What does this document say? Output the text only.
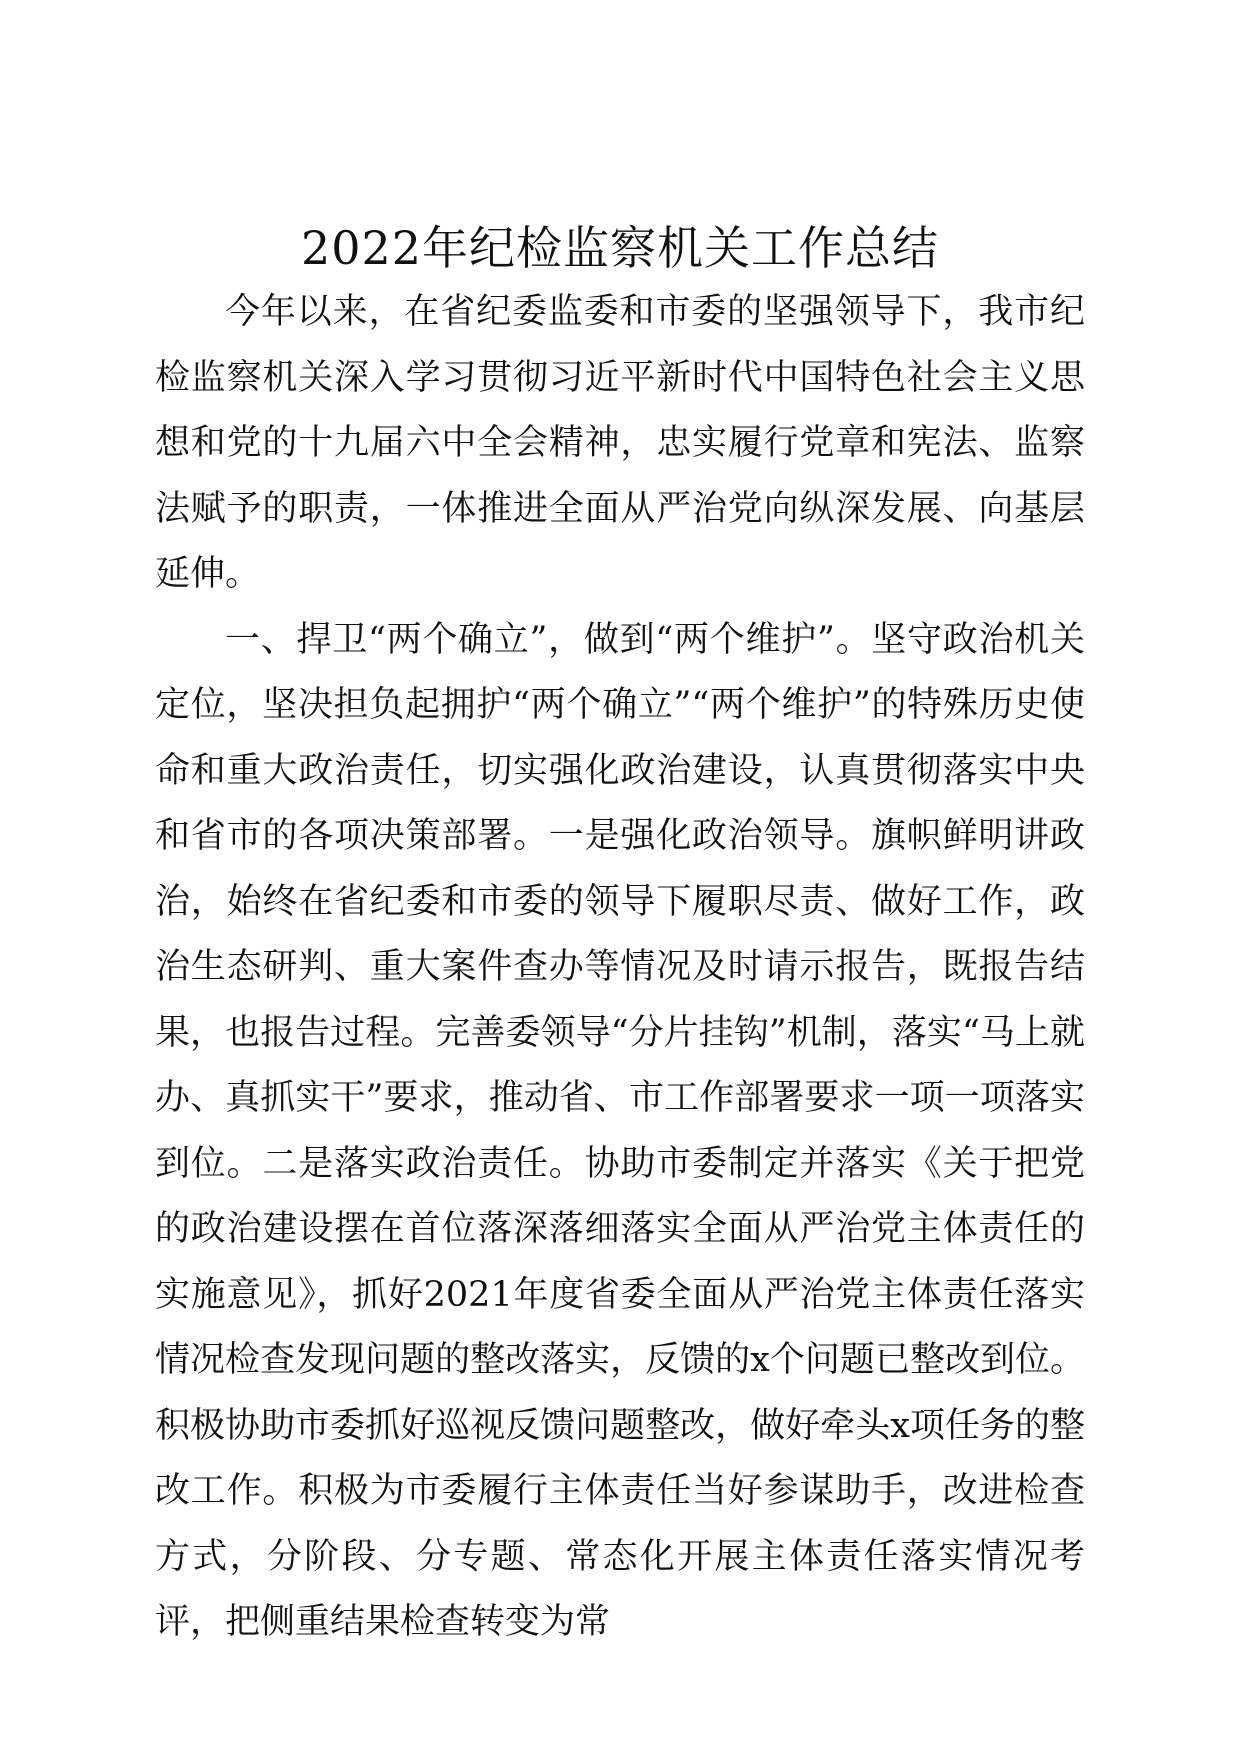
2022年纪检监察机关工作总结

今年以来，在省纪委监委和市委的坚强领导下，我市纪检监察机关深入学习贯彻习近平新时代中国特色社会主义思想和党的十九届六中全会精神，忠实履行党章和宪法、监察法赋予的职责，一体推进全面从严治党向纵深发展、向基层延伸。

一、捍卫“两个确立”，做到“两个维护”。坚守政治机关定位，坚决担负起拥护“两个确立”“两个维护”的特殊历史使命和重大政治责任，切实强化政治建设，认真贯彻落实中央和省市的各项决策部署。一是强化政治领导。旗帜鲜明讲政治，始终在省纪委和市委的领导下履职尽责、做好工作，政治生态研判、重大案件查办等情况及时请示报告，既报告结果，也报告过程。完善委领导“分片挂钩”机制，落实“马上就办、真抓实干”要求，推动省、市工作部署要求一项一项落实到位。二是落实政治责任。协助市委制定并落实《关于把党的政治建设摆在首位落深落细落实全面从严治党主体责任的实施意见》，抓好2021年度省委全面从严治党主体责任落实情况检查发现问题的整改落实，反馈的x个问题已整改到位。积极协助市委抓好巡视反馈问题整改，做好牵头x项任务的整改工作。积极为市委履行主体责任当好参谋助手，改进检查方式，分阶段、分专题、常态化开展主体责任落实情况考评，把侧重结果检查转变为常
